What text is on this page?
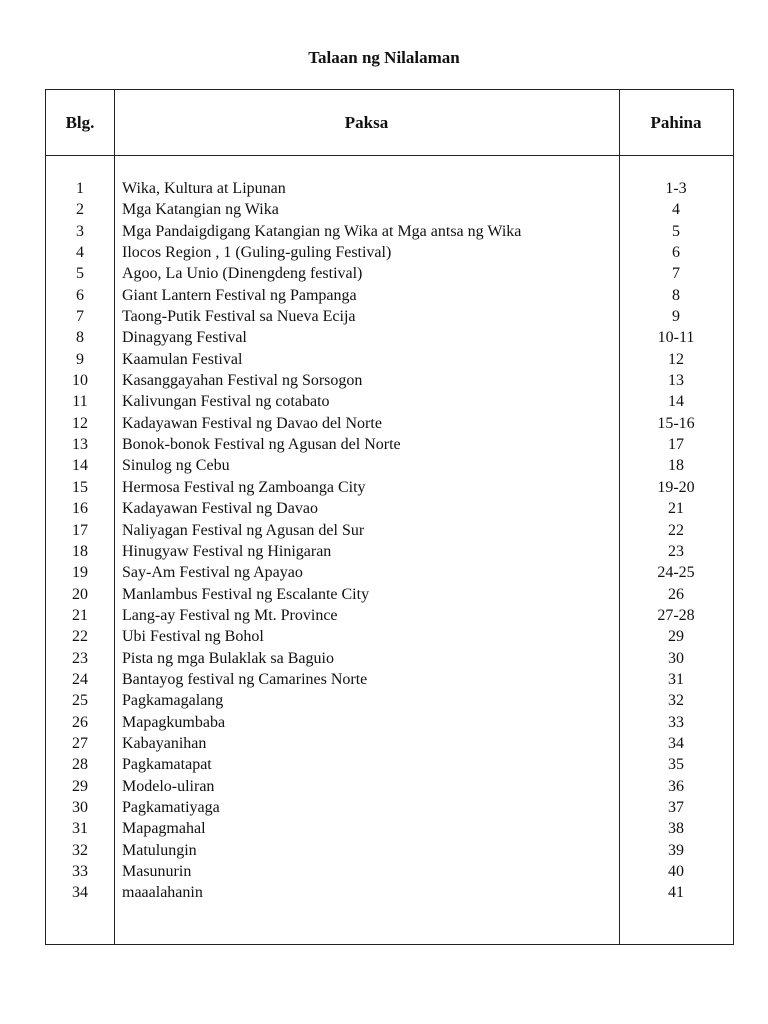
Talaan ng Nilalaman
Blg.	Paksa	Pahina
1	Wika, Kultura at Lipunan	1-3
2	Mga Katangian ng Wika	4
3	Mga Pandaigdigang Katangian ng Wika at Mga antsa ng Wika	5
4	Ilocos Region , 1 (Guling-guling Festival)	6
5	Agoo, La Unio (Dinengdeng festival)	7
6	Giant Lantern Festival ng Pampanga	8
7	Taong-Putik Festival sa Nueva Ecija	9
8	Dinagyang Festival	10-11
9	Kaamulan Festival	12
10	Kasanggayahan Festival ng Sorsogon	13
11	Kalivungan Festival ng cotabato	14
12	Kadayawan Festival ng Davao del Norte	15-16
13	Bonok-bonok Festival ng Agusan del Norte	17
14	Sinulog ng Cebu	18
15	Hermosa Festival ng Zamboanga City	19-20
16	Kadayawan Festival ng Davao	21
17	Naliyagan Festival ng Agusan del Sur	22
18	Hinugyaw Festival ng Hinigaran	23
19	Say-Am Festival ng Apayao	24-25
20	Manlambus Festival ng Escalante City	26
21	Lang-ay Festival ng Mt. Province	27-28
22	Ubi Festival ng Bohol	29
23	Pista ng mga Bulaklak sa Baguio	30
24	Bantayog festival ng Camarines Norte	31
25	Pagkamagalang	32
26	Mapagkumbaba	33
27	Kabayanihan	34
28	Pagkamatapat	35
29	Modelo-uliran	36
30	Pagkamatiyaga	37
31	Mapagmahal	38
32	Matulungin	39
33	Masunurin	40
34	maaalahanin	41
